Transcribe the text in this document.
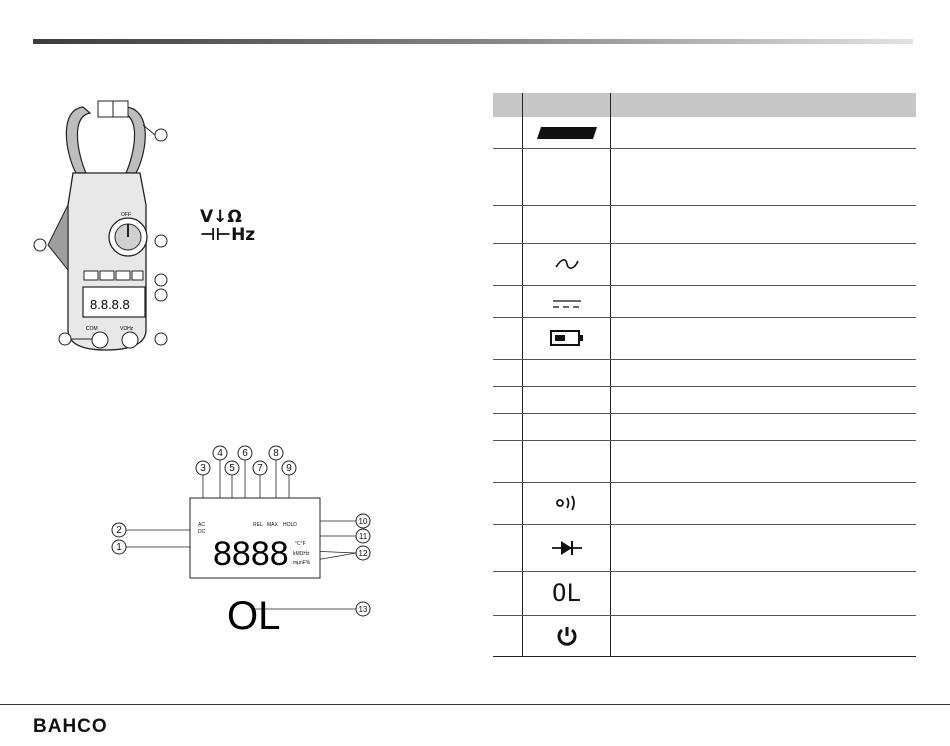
OFF
8.8.8.8
COM	VΩHz
V↓Ω
⊣⊢Hz
4 6	8
3 5 7 9
2
1
10
11
12
13
AC
DC
REL MAX HOLD
°C°F
kMΩHz
mμnF%
8888
OL
OL
BAHCO
